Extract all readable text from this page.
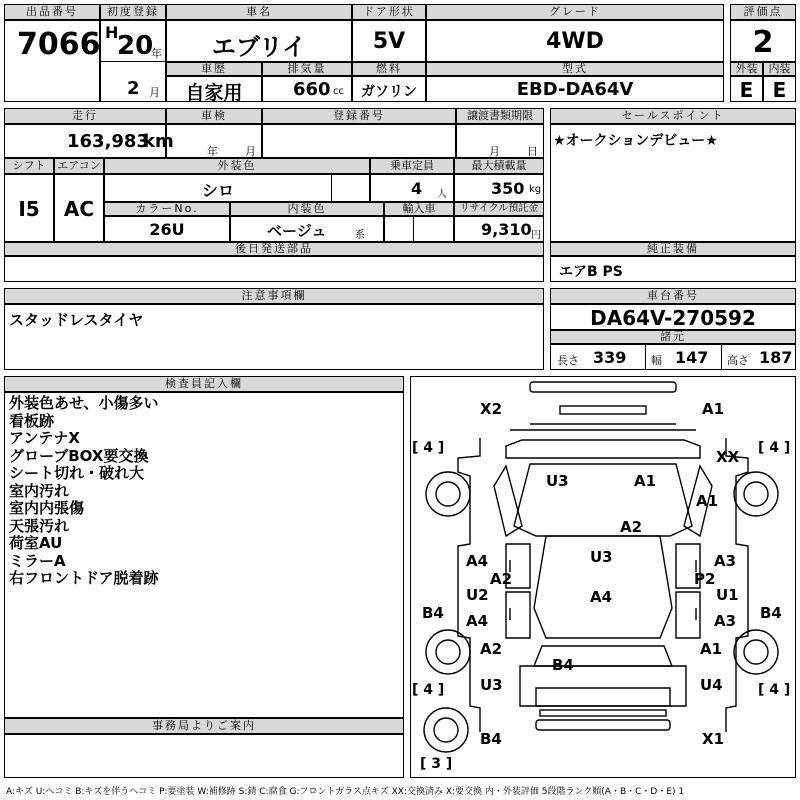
出品番号
7066
初度登録
H
20
年
車名
エブリイ
ドア形状
5V
グレード
4WD
評価点
2
2 月
車歴
自家用
排気量
660 cc
燃料
ガソリン
型式
EBD-DA64V
外装	内装
E E
走行
163,983
km
車検
年 月
登録番号	譲渡書類期限
月 日
セールスポイント
★オークションデビュー★
シフト
I5
エアコン
AC
外装色
シロ
乗車定員
4 人
最大積載量
350 kg
カラーNo.
26U
内装色
ベージュ	系
輸入車	リサイクル預託金
9,310 円
後日発送部品	純正装備
エアB PS
注意事項欄
スタッドレスタイヤ
車台番号
DA64V-270592
諸元
長さ 339 幅 147 高さ 187
検査員記入欄
外装色あせ、小傷多い
看板跡
アンテナX
グローブBOX要交換
シート切れ・破れ大
室内汚れ
室内内張傷
天張汚れ
荷室AU
ミラーA
右フロントドア脱着跡
事務局よりご案内
X2	A1
[ 4 ]	[ 4 ]
XX
U3	A1
A1
A2
U3
A4
A4
A2
U2
A4
B4
A3
P2
U1
A3 B4
A2	A1
B4
U3	U4
[ 4 ]	[ 4 ]
B4	X1
[ 3 ]
A:キズ U:ヘコミ B:キズを伴うヘコミ P:要塗装 W:補修跡 S:錆 C:腐食 G:フロントガラス点キズ XX:交換済み X:要交換 内・外装評価 5段階ランク順(A・B・C・D・E) 1
